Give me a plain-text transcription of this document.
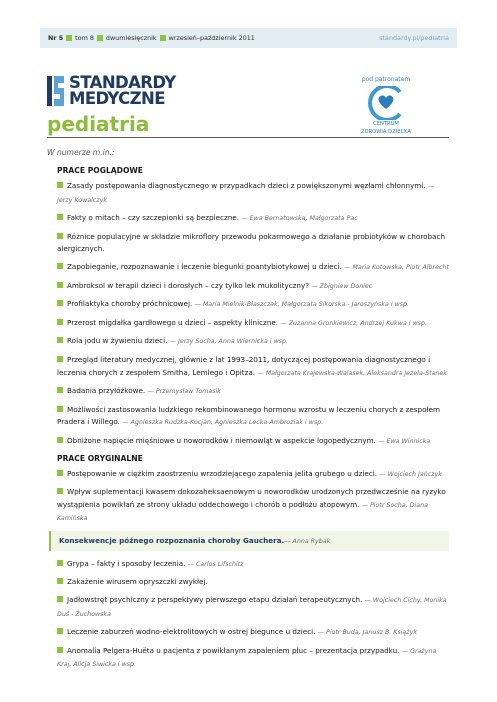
Nr 5 tom 8 dwumiesięcznik wrzesień–październik 2011	standardy.pl/pediatria
STANDARDY
MEDYCZNE
pediatria
pod patronatem
CENTRUM
ZDROWIA DZIECKA
W numerze m.in.:
PRACE POGLĄDOWE
Zasady postępowania diagnostycznego w przypadkach dzieci z powiększonymi węzłami chłonnymi. — Jerzy Kowalczyk
Fakty o mitach – czy szczepionki są bezpieczne. — Ewa Bernatowska, Małgorzata Pac
Różnice populacyjne w składzie mikroflory przewodu pokarmowego a działanie probiotyków w chorobach alergicznych.
Zapobieganie, rozpoznawanie i leczenie biegunki poantybiotykowej u dzieci. — Maria Kotowska, Piotr Albrecht
Ambroksol w terapii dzieci i dorosłych – czy tylko lek mukolityczny? — Zbigniew Doniec
Profilaktyka choroby próchnicowej. — Maria Mielnik-Błaszczak, Małgorzata Sikorska - Jaroszyńska i wsp.
Przerost migdałka gardłowego u dzieci – aspekty kliniczne. — Zuzanna Gronkiewicz, Andrzej Kukwa i wsp.
Rola jodu w żywieniu dzieci. — Jerzy Socha, Anna Wiernicka i wsp.
Przegląd literatury medycznej, głównie z lat 1993–2011, dotyczącej postępowania diagnostycznego i leczenia chorych z zespołem Smitha, Lemlego i Opitza. — Małgorzata Krajewska-Walasek, Aleksandra Jezela-Stanek
Badania przyłóżkowe. — Przemysław Tomasik
Możliwości zastosowania ludzkiego rekombinowanego hormonu wzrostu w leczeniu chorych z zespołem Pradera i Willego. — Agnieszka Rudzka-Kocjan, Agnieszka Lecka-Ambroziak i wsp.
Obniżone napięcie mięśniowe u noworodków i niemowląt w aspekcie logopedycznym. — Ewa Winnicka
PRACE ORYGINALNE
Postępowanie w ciężkim zaostrzeniu wrzodziejącego zapalenia jelita grubego u dzieci. — Wojciech Jańczyk
Wpływ suplementacji kwasem dokozaheksaenowym u noworodków urodzonych przedwcześnie na ryzyko wystąpienia powikłań ze strony układu oddechowego i chorób o podłożu atopowym. — Piotr Socha, Diana Kamińska
Konsekwencje późnego rozpoznania choroby Gauchera.— Anna Rybak
Grypa – fakty i sposoby leczenia. — Carlos Lifschitz
Zakażenie wirusem opryszczki zwykłej.
Jadłowstręt psychiczny z perspektywy pierwszego etapu działań terapeutycznych. — Wojciech Cichy, Monika Duś - Żuchowska
Leczenie zaburzeń wodno-elektrolitowych w ostrej biegunce u dzieci. — Piotr Buda, Janusz B. Książyk
Anomalia Pelgera-Huëta u pacjenta z powikłanym zapaleniem płuc – prezentacja przypadku. — Grażyna Kraj, Alicja Siwicka i wsp.
